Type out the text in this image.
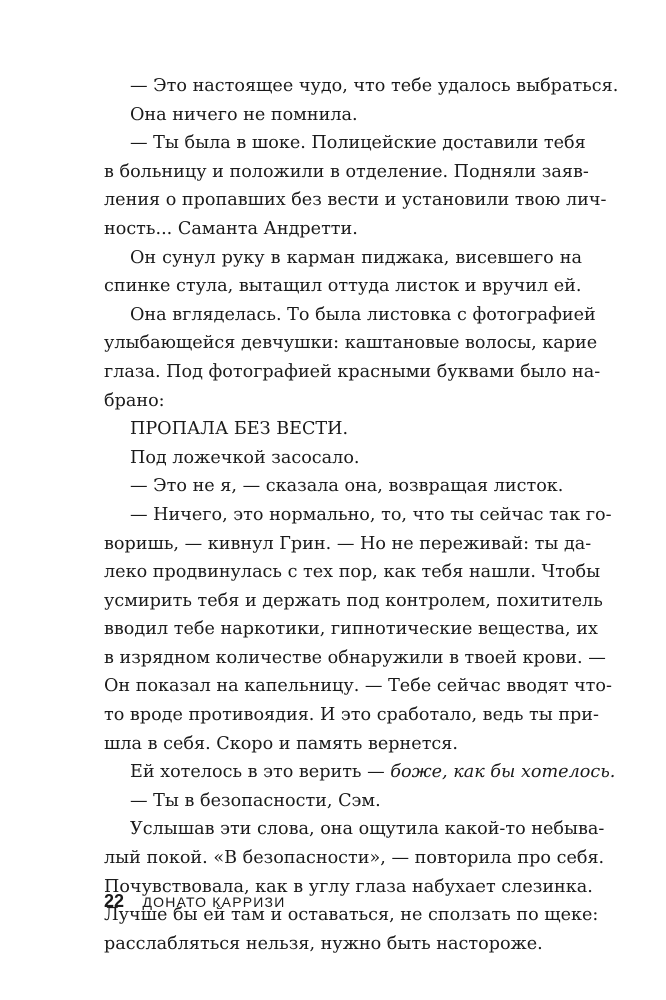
— Это настоящее чудо, что тебе удалось выбраться.
Она ничего не помнила.
— Ты была в шоке. Полицейские доставили тебя
в больницу и положили в отделение. Подняли заяв-
ления о пропавших без вести и установили твою лич-
ность... Саманта Андретти.
Он сунул руку в карман пиджака, висевшего на
спинке стула, вытащил оттуда листок и вручил ей.
Она вгляделась. То была листовка с фотографией
улыбающейся девчушки: каштановые волосы, карие
глаза. Под фотографией красными буквами было на-
брано:
ПРОПАЛА БЕЗ ВЕСТИ.
Под ложечкой засосало.
— Это не я, — сказала она, возвращая листок.
— Ничего, это нормально, то, что ты сейчас так го-
воришь, — кивнул Грин. — Но не переживай: ты да-
леко продвинулась с тех пор, как тебя нашли. Чтобы
усмирить тебя и держать под контролем, похититель
вводил тебе наркотики, гипнотические вещества, их
в изрядном количестве обнаружили в твоей крови. —
Он показал на капельницу. — Тебе сейчас вводят что-
то вроде противоядия. И это сработало, ведь ты при-
шла в себя. Скоро и память вернется.
Ей хотелось в это верить — боже, как бы хотелось.
— Ты в безопасности, Сэм.
Услышав эти слова, она ощутила какой-то небыва-
лый покой. «В безопасности», — повторила про себя.
Почувствовала, как в углу глаза набухает слезинка.
Лучше бы ей там и оставаться, не сползать по щеке:
расслабляться нельзя, нужно быть настороже.
22 ДОНАТО КАРРИЗИ
